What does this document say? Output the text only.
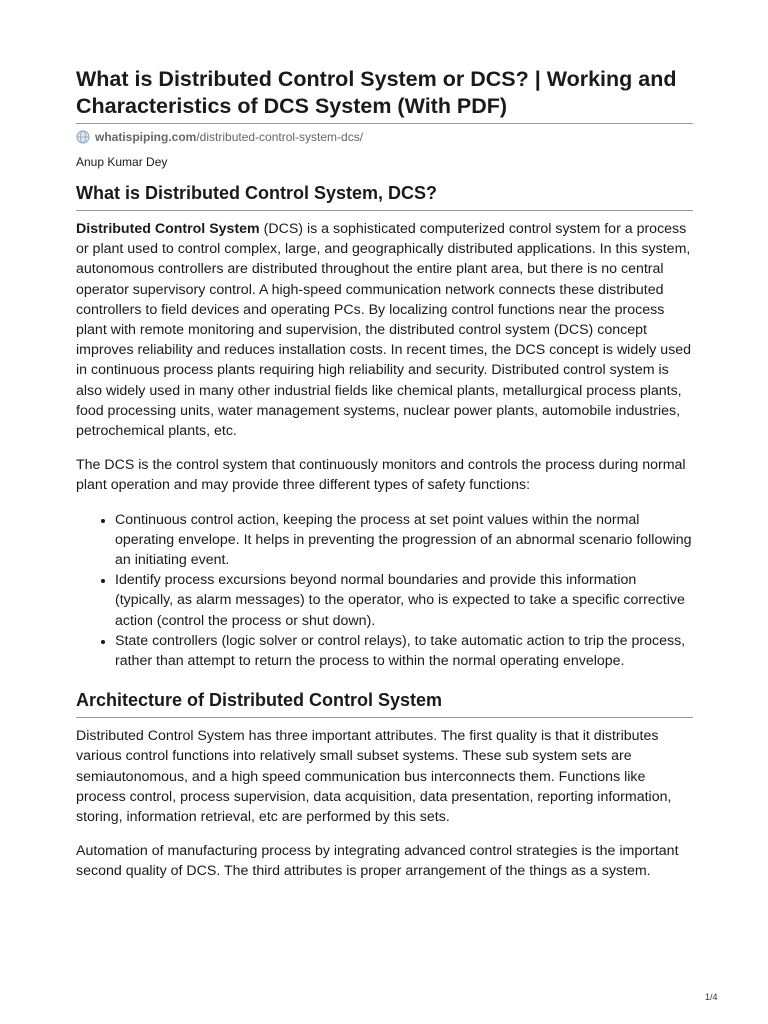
What is Distributed Control System or DCS? | Working and Characteristics of DCS System (With PDF)
whatispiping.com /distributed-control-system-dcs/
Anup Kumar Dey
What is Distributed Control System, DCS?

Distributed Control System (DCS) is a sophisticated computerized control system for a process or plant used to control complex, large, and geographically distributed applications. In this system, autonomous controllers are distributed throughout the entire plant area, but there is no central operator supervisory control. A high-speed communication network connects these distributed controllers to field devices and operating PCs. By localizing control functions near the process plant with remote monitoring and supervision, the distributed control system (DCS) concept improves reliability and reduces installation costs. In recent times, the DCS concept is widely used in continuous process plants requiring high reliability and security. Distributed control system is also widely used in many other industrial fields like chemical plants, metallurgical process plants, food processing units, water management systems, nuclear power plants, automobile industries, petrochemical plants, etc.

The DCS is the control system that continuously monitors and controls the process during normal plant operation and may provide three different types of safety functions:

• Continuous control action, keeping the process at set point values within the normal operating envelope. It helps in preventing the progression of an abnormal scenario following an initiating event.
• Identify process excursions beyond normal boundaries and provide this information (typically, as alarm messages) to the operator, who is expected to take a specific corrective action (control the process or shut down).
• State controllers (logic solver or control relays), to take automatic action to trip the process, rather than attempt to return the process to within the normal operating envelope.
Architecture of Distributed Control System

Distributed Control System has three important attributes. The first quality is that it distributes various control functions into relatively small subset systems. These sub system sets are semiautonomous, and a high speed communication bus interconnects them. Functions like process control, process supervision, data acquisition, data presentation, reporting information, storing, information retrieval, etc are performed by this sets.

Automation of manufacturing process by integrating advanced control strategies is the important second quality of DCS. The third attributes is proper arrangement of the things as a system.

1/4
